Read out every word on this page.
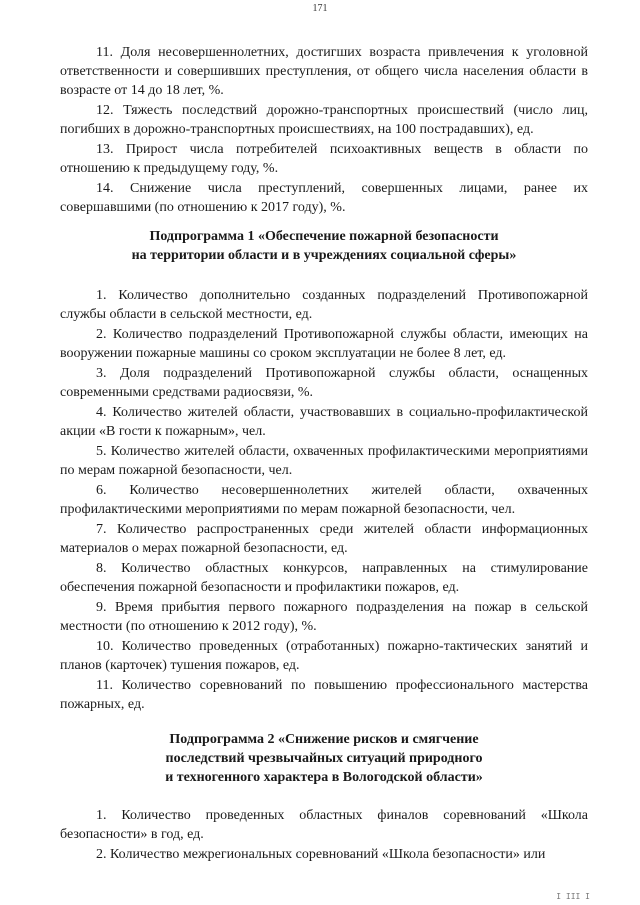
171

11. Доля несовершеннолетних, достигших возраста привлечения к уголовной ответственности и совершивших преступления, от общего числа населения области в возрасте от 14 до 18 лет, %.

12. Тяжесть последствий дорожно-транспортных происшествий (число лиц, погибших в дорожно-транспортных происшествиях, на 100 пострадавших), ед.

13. Прирост числа потребителей психоактивных веществ в области по отношению к предыдущему году, %.

14. Снижение числа преступлений, совершенных лицами, ранее их совершавшими (по отношению к 2017 году), %.

Подпрограмма 1 «Обеспечение пожарной безопасности
на территории области и в учреждениях социальной сферы»

1. Количество дополнительно созданных подразделений Противопожарной службы области в сельской местности, ед.

2. Количество подразделений Противопожарной службы области, имеющих на вооружении пожарные машины со сроком эксплуатации не более 8 лет, ед.

3. Доля подразделений Противопожарной службы области, оснащенных современными средствами радиосвязи, %.

4. Количество жителей области, участвовавших в социально-профилактической акции «В гости к пожарным», чел.

5. Количество жителей области, охваченных профилактическими мероприятиями по мерам пожарной безопасности, чел.

6. Количество несовершеннолетних жителей области, охваченных профилактическими мероприятиями по мерам пожарной безопасности, чел.

7. Количество распространенных среди жителей области информационных материалов о мерах пожарной безопасности, ед.

8. Количество областных конкурсов, направленных на стимулирование обеспечения пожарной безопасности и профилактики пожаров, ед.

9. Время прибытия первого пожарного подразделения на пожар в сельской местности (по отношению к 2012 году), %.

10. Количество проведенных (отработанных) пожарно-тактических занятий и планов (карточек) тушения пожаров, ед.

11. Количество соревнований по повышению профессионального мастерства пожарных, ед.

Подпрограмма 2 «Снижение рисков и смягчение
последствий чрезвычайных ситуаций природного
и техногенного характера в Вологодской области»

1. Количество проведенных областных финалов соревнований «Школа безопасности» в год, ед.

2. Количество межрегиональных соревнований «Школа безопасности» или

I III I
